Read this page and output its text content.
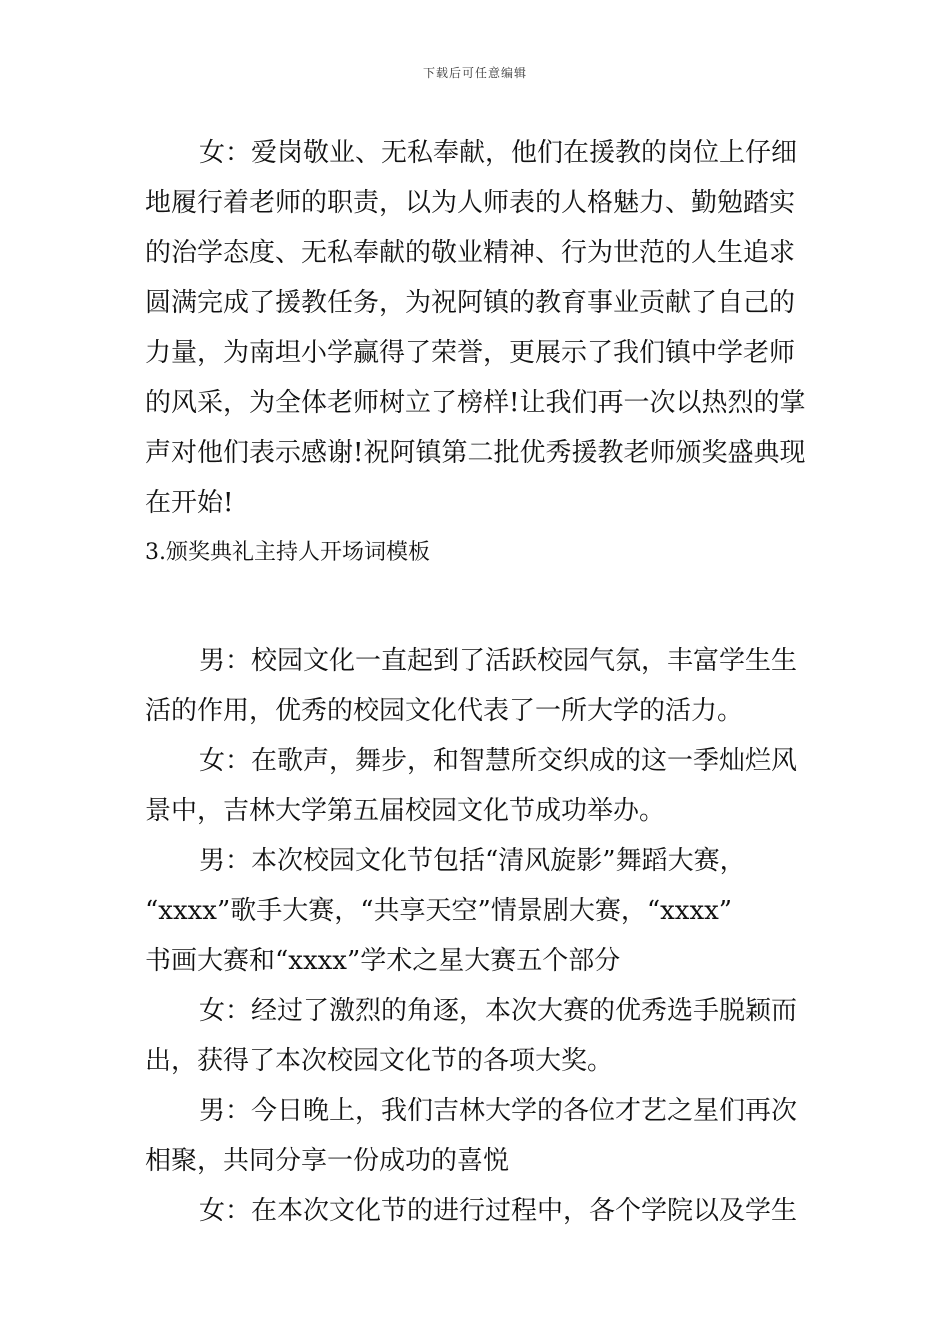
下载后可任意编辑
女：爱岗敬业、无私奉献，他们在援教的岗位上仔细
地履行着老师的职责，以为人师表的人格魅力、勤勉踏实
的治学态度、无私奉献的敬业精神、行为世范的人生追求
圆满完成了援教任务，为祝阿镇的教育事业贡献了自己的
力量，为南坦小学赢得了荣誉，更展示了我们镇中学老师
的风采，为全体老师树立了榜样!让我们再一次以热烈的掌
声对他们表示感谢!祝阿镇第二批优秀援教老师颁奖盛典现
在开始!

3.颁奖典礼主持人开场词模板

男：校园文化一直起到了活跃校园气氛，丰富学生生
活的作用，优秀的校园文化代表了一所大学的活力。
女：在歌声，舞步，和智慧所交织成的这一季灿烂风
景中，吉林大学第五届校园文化节成功举办。
男：本次校园文化节包括“清风旋影”舞蹈大赛，
“xxxx”歌手大赛，“共享天空”情景剧大赛，“xxxx”
书画大赛和“xxxx”学术之星大赛五个部分
女：经过了激烈的角逐，本次大赛的优秀选手脱颖而
出，获得了本次校园文化节的各项大奖。
男：今日晚上，我们吉林大学的各位才艺之星们再次
相聚，共同分享一份成功的喜悦
女：在本次文化节的进行过程中，各个学院以及学生
